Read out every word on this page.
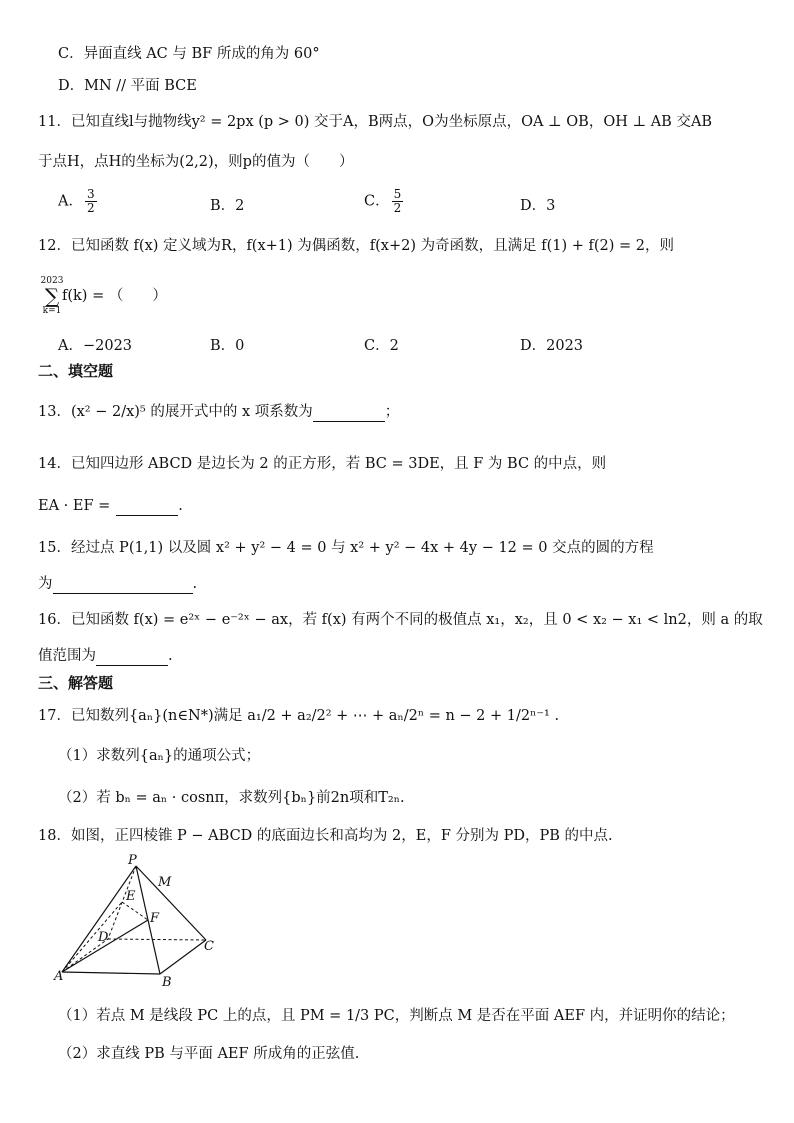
C．异面直线 AC 与 BF 所成的角为 60°
D．MN // 平面 BCE
11．已知直线l与抛物线y² = 2px (p > 0) 交于A，B两点，O为坐标原点，OA ⊥ OB，OH ⊥ AB 交AB
于点H，点H的坐标为(2,2)，则p的值为（　　）
A． $\frac{3}{2}$	B．2	C． $\frac{5}{2}$	D．3
12．已知函数 f(x) 定义域为R，f(x+1) 为偶函数，f(x+2) 为奇函数，且满足 f(1) + f(2) = 2，则
2023
∑
k=1
f(k) = （　　）
A．−2023	B．0	C．2	D．2023
二、填空题
13．(x² − 2/x)⁵ 的展开式中的 x 项系数为	；
14．已知四边形 ABCD 是边长为 2 的正方形，若 BC = 3DE，且 F 为 BC 的中点，则
EA · EF =	.
15．经过点 P(1,1) 以及圆 x² + y² − 4 = 0 与 x² + y² − 4x + 4y − 12 = 0 交点的圆的方程
为	.
16．已知函数 f(x) = e²ˣ − e⁻²ˣ − ax，若 f(x) 有两个不同的极值点 x₁，x₂，且 0 < x₂ − x₁ < ln2，则 a 的取
值范围为	.
三、解答题
17．已知数列{aₙ}(n∈N*)满足 a₁/2 + a₂/2² + ⋯ + aₙ/2ⁿ = n − 2 + 1/2ⁿ⁻¹ .
（1）求数列{aₙ}的通项公式；
（2）若 bₙ = aₙ · cosnπ，求数列{bₙ}前2n项和T₂ₙ.
18．如图，正四棱锥 P − ABCD 的底面边长和高均为 2，E，F 分别为 PD，PB 的中点.
P
M
E
F
D
C
A	B
（1）若点 M 是线段 PC 上的点，且 PM = 1/3 PC，判断点 M 是否在平面 AEF 内，并证明你的结论；
（2）求直线 PB 与平面 AEF 所成角的正弦值.
